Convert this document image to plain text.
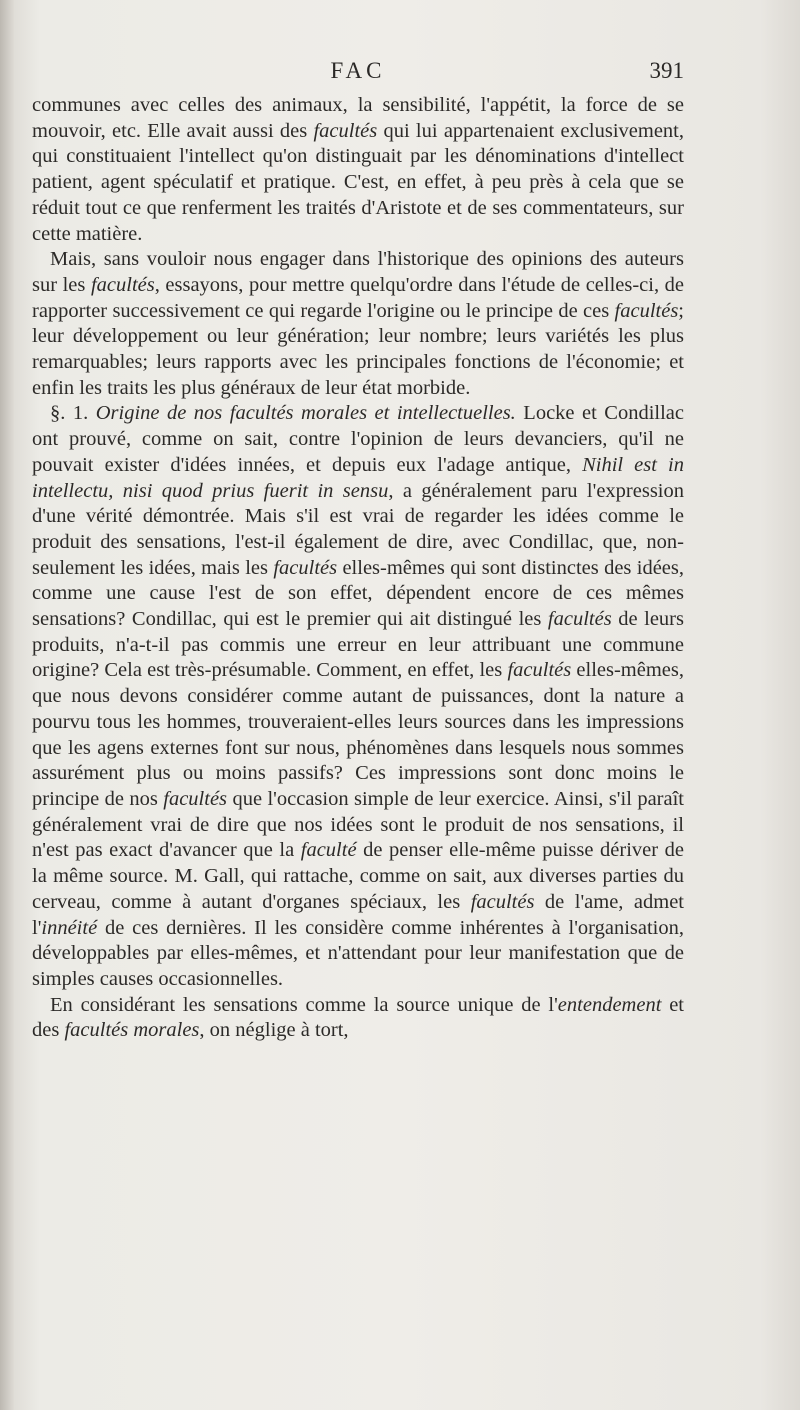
FAC	391

communes avec celles des animaux, la sensibilité, l'appétit, la force de se mouvoir, etc. Elle avait aussi des facultés qui lui appartenaient exclusivement, qui constituaient l'intellect qu'on distinguait par les dénominations d'intellect patient, agent spéculatif et pratique. C'est, en effet, à peu près à cela que se réduit tout ce que renferment les traités d'Aristote et de ses commentateurs, sur cette matière.

Mais, sans vouloir nous engager dans l'historique des opinions des auteurs sur les facultés, essayons, pour mettre quelqu'ordre dans l'étude de celles-ci, de rapporter successivement ce qui regarde l'origine ou le principe de ces facultés; leur développement ou leur génération; leur nombre; leurs variétés les plus remarquables; leurs rapports avec les principales fonctions de l'économie; et enfin les traits les plus généraux de leur état morbide.

§. 1. Origine de nos facultés morales et intellectuelles. Locke et Condillac ont prouvé, comme on sait, contre l'opinion de leurs devanciers, qu'il ne pouvait exister d'idées innées, et depuis eux l'adage antique, Nihil est in intellectu, nisi quod prius fuerit in sensu, a généralement paru l'expression d'une vérité démontrée. Mais s'il est vrai de regarder les idées comme le produit des sensations, l'est-il également de dire, avec Condillac, que, non-seulement les idées, mais les facultés elles-mêmes qui sont distinctes des idées, comme une cause l'est de son effet, dépendent encore de ces mêmes sensations? Condillac, qui est le premier qui ait distingué les facultés de leurs produits, n'a-t-il pas commis une erreur en leur attribuant une commune origine? Cela est très-présumable. Comment, en effet, les facultés elles-mêmes, que nous devons considérer comme autant de puissances, dont la nature a pourvu tous les hommes, trouveraient-elles leurs sources dans les impressions que les agens externes font sur nous, phénomènes dans lesquels nous sommes assurément plus ou moins passifs? Ces impressions sont donc moins le principe de nos facultés que l'occasion simple de leur exercice. Ainsi, s'il paraît généralement vrai de dire que nos idées sont le produit de nos sensations, il n'est pas exact d'avancer que la faculté de penser elle-même puisse dériver de la même source. M. Gall, qui rattache, comme on sait, aux diverses parties du cerveau, comme à autant d'organes spéciaux, les facultés de l'ame, admet l'innéité de ces dernières. Il les considère comme inhérentes à l'organisation, développables par elles-mêmes, et n'attendant pour leur manifestation que de simples causes occasionnelles.

En considérant les sensations comme la source unique de l'entendement et des facultés morales, on néglige à tort,
